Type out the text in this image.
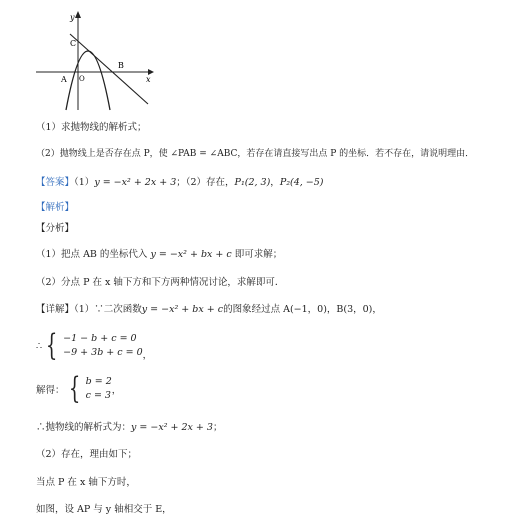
y
x
C
A O
B
（1）求抛物线的解析式；
（2）抛物线上是否存在点 P，使 ∠PAB = ∠ABC，若存在请直接写出点 P 的坐标．若不存在，请说明理由．
【答案】（1）y = −x² + 2x + 3；（2）存在，P₁(2, 3)，P₂(4, −5)
【解析】
【分析】
（1）把点 AB 的坐标代入 y = −x² + bx + c 即可求解；
（2）分点 P 在 x 轴下方和下方两种情况讨论，求解即可．
【详解】（1）∵二次函数y = −x² + bx + c的图象经过点 A(−1，0)，B(3，0)，
∴ { −1 − b + c = 0
−9 + 3b + c = 0 ，
解得： { b = 2
c = 3 ，
∴抛物线的解析式为：y = −x² + 2x + 3；
（2）存在，理由如下；
当点 P 在 x 轴下方时，
如图，设 AP 与 y 轴相交于 E，
